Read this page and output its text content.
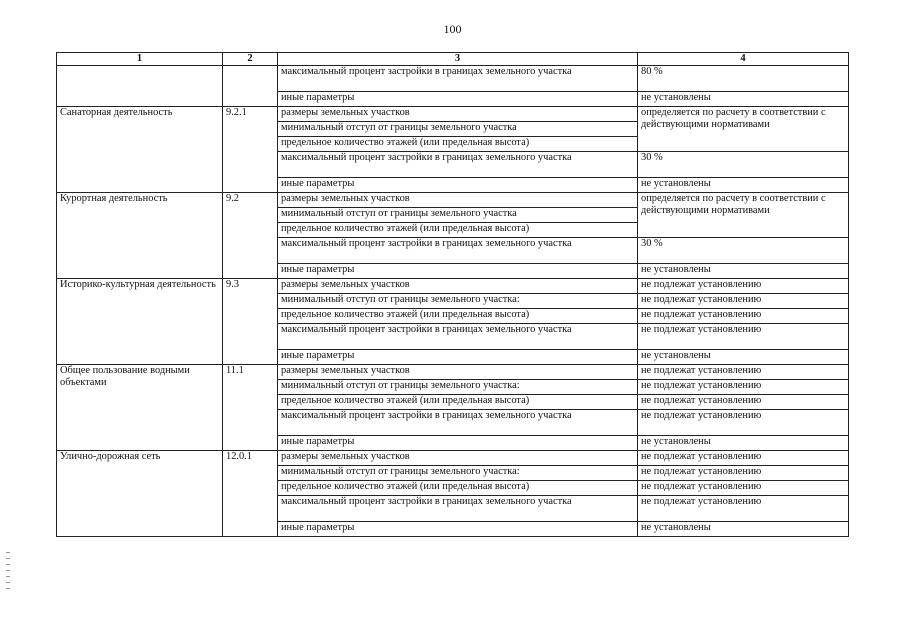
100
1	2	3	4
		максимальный процент застройки в границах земельного участка	80 %
		иные параметры	не установлены
Санаторная деятельность	9.2.1	размеры земельных участков	определяется по расчету в соответствии с действующими нормативами
		минимальный отступ от границы земельного участка	
		предельное количество этажей (или предельная высота)	
		максимальный процент застройки в границах земельного участка	30 %
		иные параметры	не установлены
Курортная деятельность	9.2	размеры земельных участков	определяется по расчету в соответствии с действующими нормативами
		минимальный отступ от границы земельного участка	
		предельное количество этажей (или предельная высота)	
		максимальный процент застройки в границах земельного участка	30 %
		иные параметры	не установлены
Историко-культурная деятельность	9.3	размеры земельных участков	не подлежат установлению
		минимальный отступ от границы земельного участка:	не подлежат установлению
		предельное количество этажей (или предельная высота)	не подлежат установлению
		максимальный процент застройки в границах земельного участка	не подлежат установлению
		иные параметры	не установлены
Общее пользование водными объектами	11.1	размеры земельных участков	не подлежат установлению
		минимальный отступ от границы земельного участка:	не подлежат установлению
		предельное количество этажей (или предельная высота)	не подлежат установлению
		максимальный процент застройки в границах земельного участка	не подлежат установлению
		иные параметры	не установлены
Улично-дорожная сеть	12.0.1	размеры земельных участков	не подлежат установлению
		минимальный отступ от границы земельного участка:	не подлежат установлению
		предельное количество этажей (или предельная высота)	не подлежат установлению
		максимальный процент застройки в границах земельного участка	не подлежат установлению
		иные параметры	не установлены
